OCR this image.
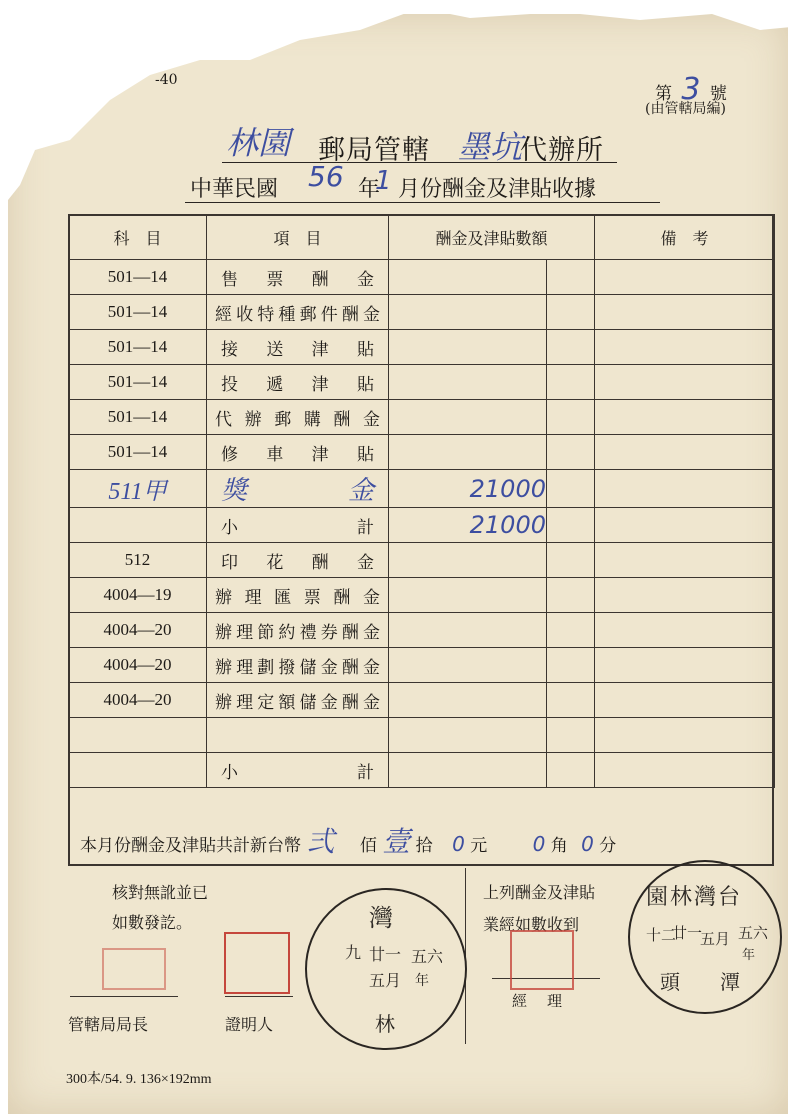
-40
第 3 號
(由管轄局編)
林園 郵局管轄 墨坑
代辦所
中華民國 56 年
1 月份酬金及津貼收據
科　目	項　目	酬金及津貼數額		備　考
501—14	售票酬金			
501—14	經收特種郵件酬金			
501—14	接送津貼			
501—14	投遞津貼			
501—14	代辦郵購酬金			
501—14	修車津貼			
511甲	獎金	21000		
	小計	21000		
512	印花酬金			
4004—19	辦理匯票酬金			
4004—20	辦理節約禮券酬金			
4004—20	辦理劃撥儲金酬金			
4004—20	辦理定額儲金酬金			

	小計			
本月份酬金及津貼共計新台幣 弍 佰 壹 拾 0 元 0 角 0 分
核對無訛並已
如數發訖。
上列酬金及津貼
業經如數收到
管轄局局長	證明人
經理
灣
九 廿一
五月
五六
年
林
園林灣台
十二
廿一
五月 五六
年
頭　　潭
300本/54. 9. 136×192mm
